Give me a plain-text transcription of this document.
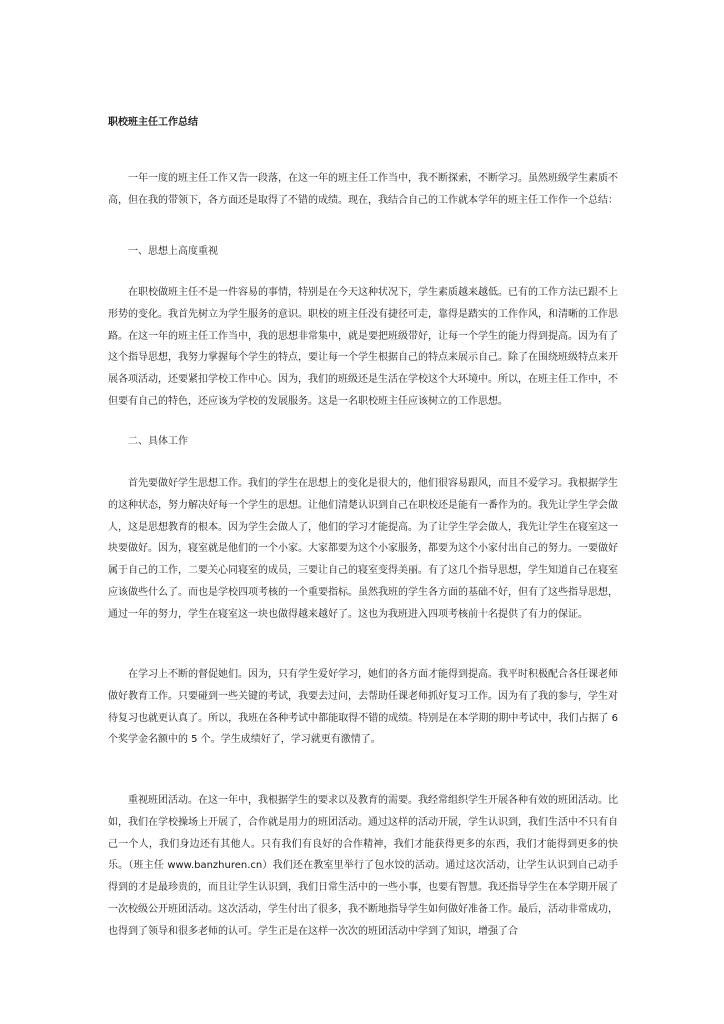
职校班主任工作总结

一年一度的班主任工作又告一段落，在这一年的班主任工作当中，我不断探索，不断学习。虽然班级学生素质不高，但在我的带领下，各方面还是取得了不错的成绩。现在，我结合自己的工作就本学年的班主任工作作一个总结：

一、思想上高度重视

在职校做班主任不是一件容易的事情，特别是在今天这种状况下，学生素质越来越低。已有的工作方法已跟不上形势的变化。我首先树立为学生服务的意识。职校的班主任没有捷径可走，靠得是踏实的工作作风，和清晰的工作思路。在这一年的班主任工作当中，我的思想非常集中，就是要把班级带好，让每一个学生的能力得到提高。因为有了这个指导思想，我努力掌握每个学生的特点，要让每一个学生根据自己的特点来展示自己。除了在围绕班级特点来开展各项活动，还要紧扣学校工作中心。因为，我们的班级还是生活在学校这个大环境中。所以，在班主任工作中，不但要有自己的特色，还应该为学校的发展服务。这是一名职校班主任应该树立的工作思想。

二、具体工作

首先要做好学生思想工作。我们的学生在思想上的变化是很大的，他们很容易跟风，而且不爱学习。我根据学生的这种状态，努力解决好每一个学生的思想。让他们清楚认识到自己在职校还是能有一番作为的。我先让学生学会做人，这是思想教育的根本。因为学生会做人了，他们的学习才能提高。为了让学生学会做人，我先让学生在寝室这一块要做好。因为，寝室就是他们的一个小家。大家都要为这个小家服务，都要为这个小家付出自己的努力。一要做好属于自己的工作，二要关心同寝室的成员，三要让自己的寝室变得美丽。有了这几个指导思想，学生知道自己在寝室应该做些什么了。而也是学校四项考核的一个重要指标。虽然我班的学生各方面的基础不好，但有了这些指导思想，通过一年的努力，学生在寝室这一块也做得越来越好了。这也为我班进入四项考核前十名提供了有力的保证。

在学习上不断的督促她们。因为，只有学生爱好学习，她们的各方面才能得到提高。我平时积极配合各任课老师做好教育工作。只要碰到一些关键的考试，我要去过问，去帮助任课老师抓好复习工作。因为有了我的参与，学生对待复习也就更认真了。所以，我班在各种考试中都能取得不错的成绩。特别是在本学期的期中考试中，我们占据了 6 个奖学金名额中的 5 个。学生成绩好了，学习就更有激情了。

重视班团活动。在这一年中，我根据学生的要求以及教育的需要。我经常组织学生开展各种有效的班团活动。比如，我们在学校操场上开展了，合作就是用力的班团活动。通过这样的活动开展，学生认识到，我们生活中不只有自己一个人，我们身边还有其他人。只有我们有良好的合作精神，我们才能获得更多的东西，我们才能得到更多的快乐。（班主任 www.banzhuren.cn）我们还在教室里举行了包水饺的活动。通过这次活动，让学生认识到自己动手得到的才是最珍贵的，而且让学生认识到，我们日常生活中的一些小事，也要有智慧。我还指导学生在本学期开展了一次校级公开班团活动。这次活动，学生付出了很多，我不断地指导学生如何做好准备工作。最后，活动非常成功，也得到了领导和很多老师的认可。学生正是在这样一次次的班团活动中学到了知识，增强了合
